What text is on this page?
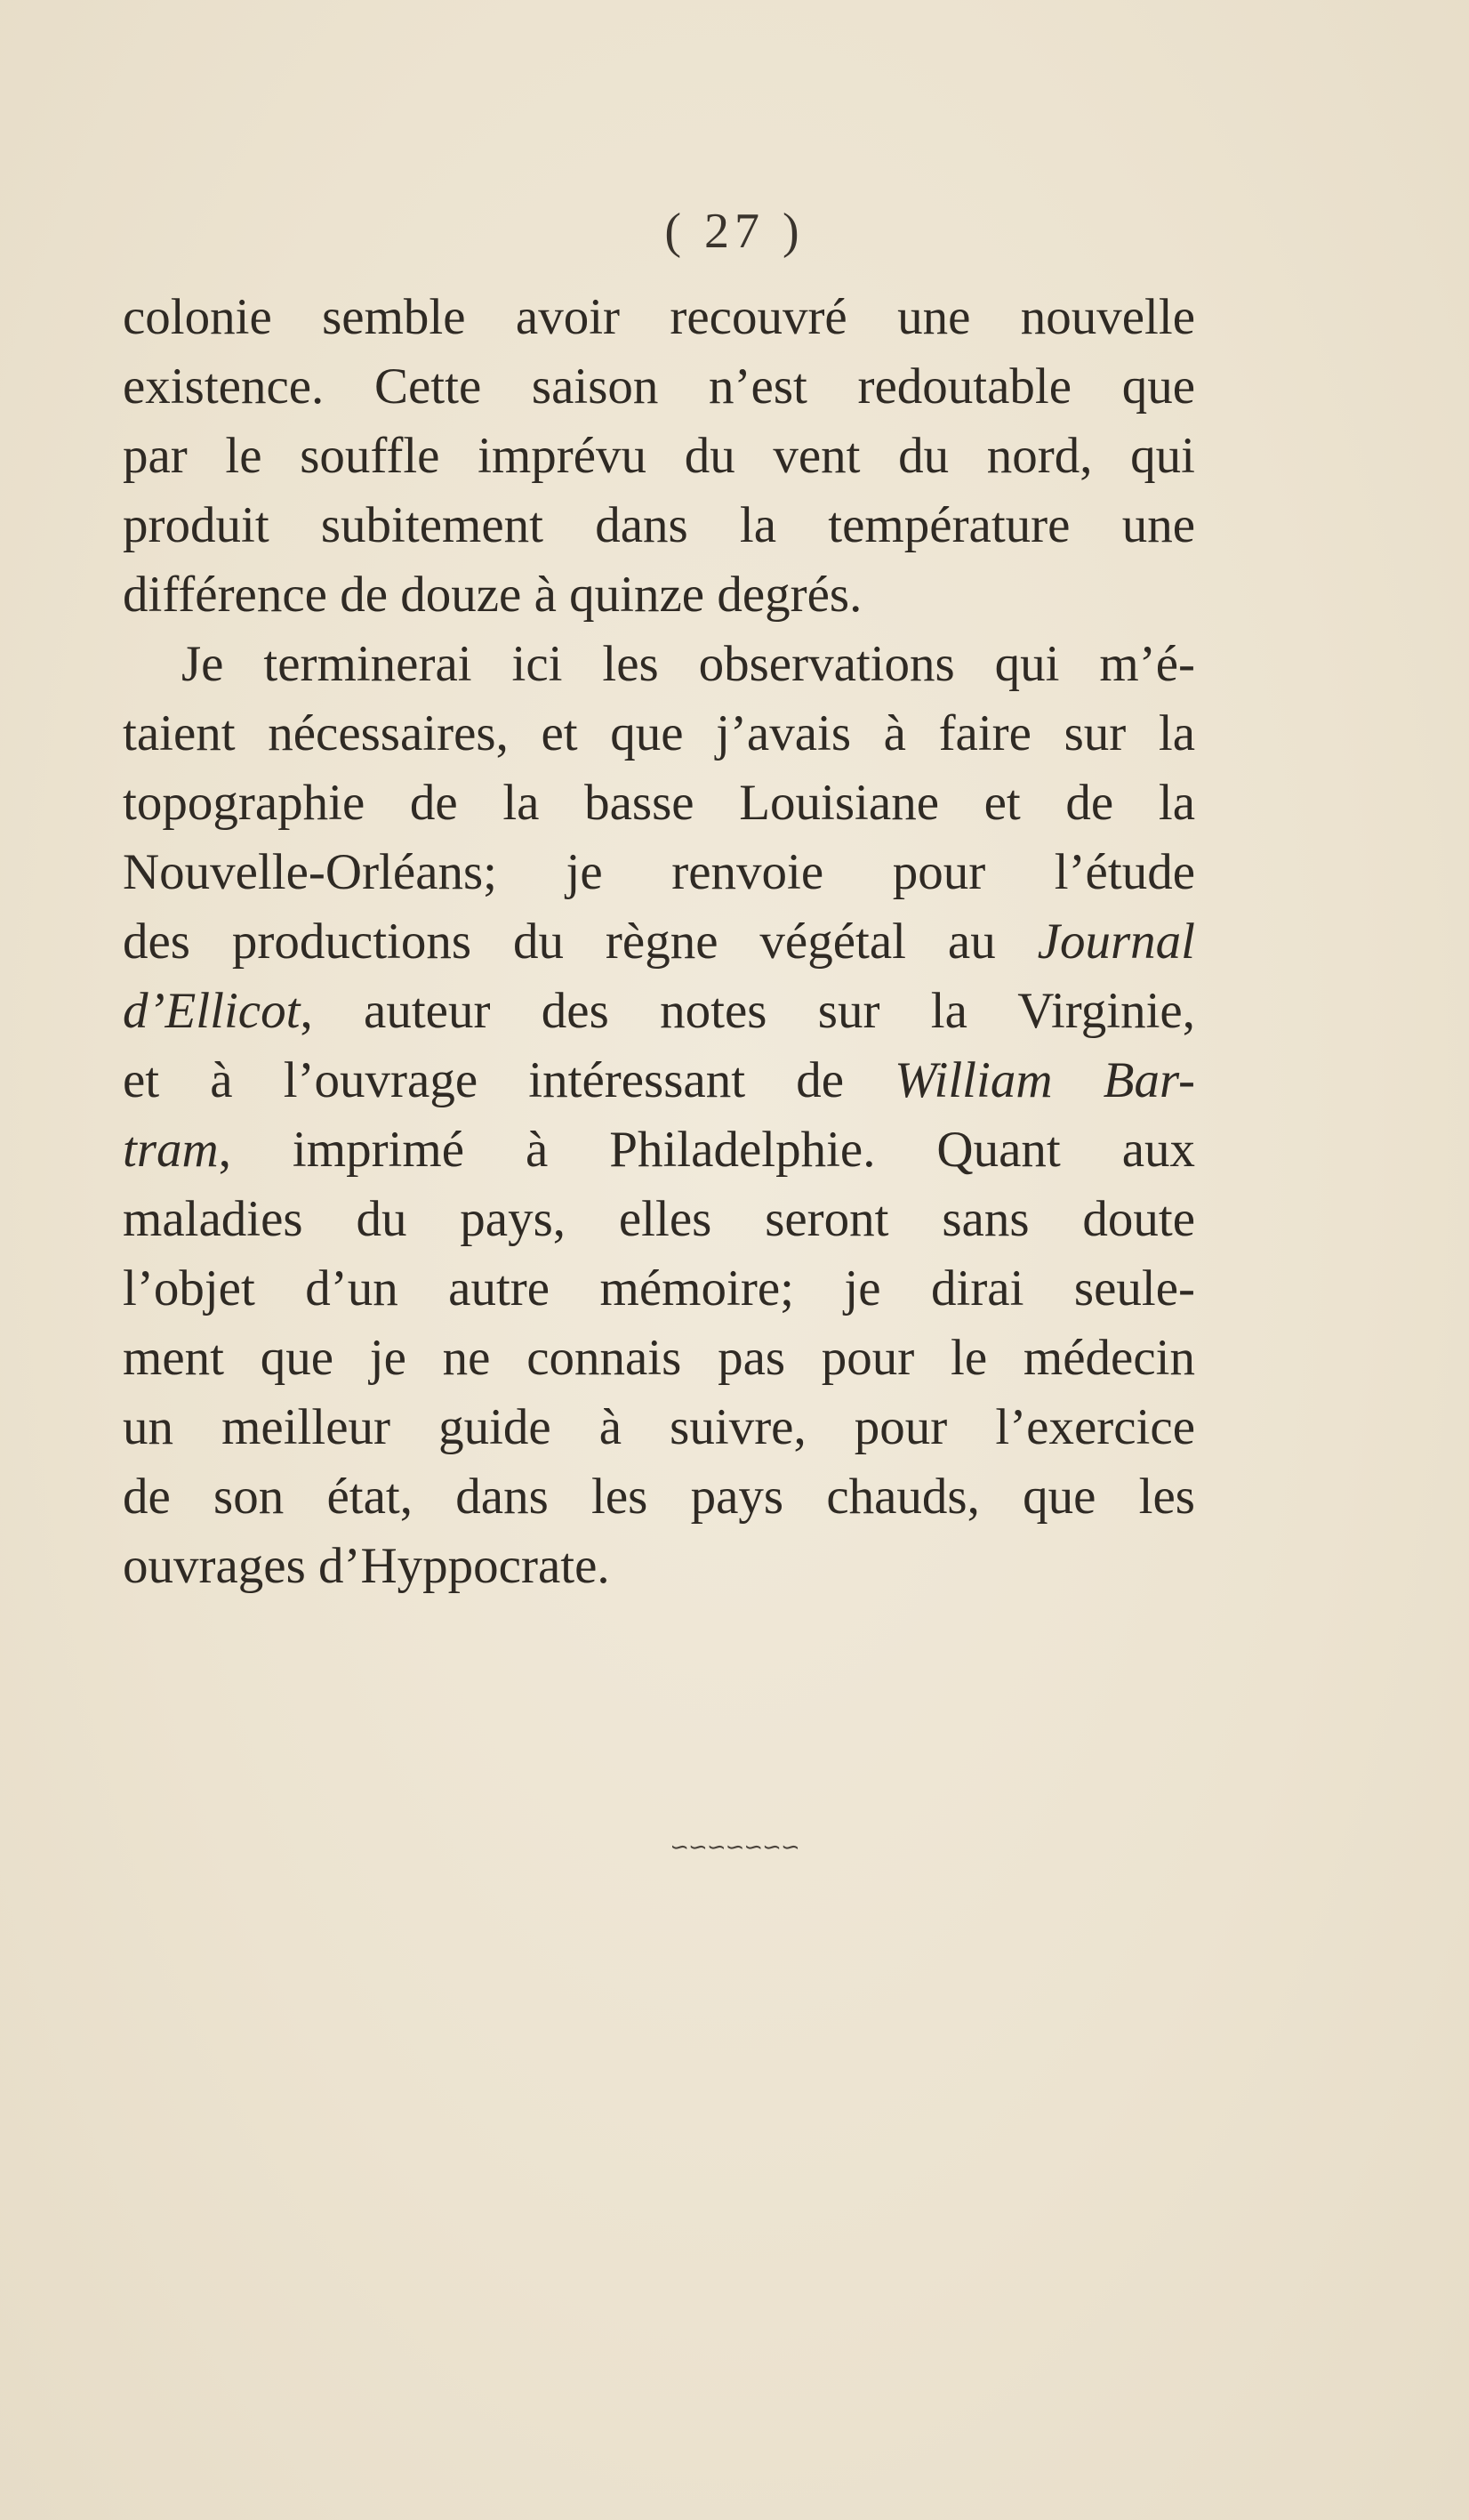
( 27 )
colonie semble avoir recouvré une nouvelle
existence. Cette saison n’est redoutable que
par le souffle imprévu du vent du nord, qui
produit subitement dans la température une
différence de douze à quinze degrés.
Je terminerai ici les observations qui m’é-
taient nécessaires, et que j’avais à faire sur la
topographie de la basse Louisiane et de la
Nouvelle-Orléans; je renvoie pour l’étude
des productions du règne végétal au Journal
d’Ellicot, auteur des notes sur la Virginie,
et à l’ouvrage intéressant de William Bar-
tram, imprimé à Philadelphie. Quant aux
maladies du pays, elles seront sans doute
l’objet d’un autre mémoire; je dirai seule-
ment que je ne connais pas pour le médecin
un meilleur guide à suivre, pour l’exercice
de son état, dans les pays chauds, que les
ouvrages d’Hyppocrate.
∽∽∽∽∽∽∽
